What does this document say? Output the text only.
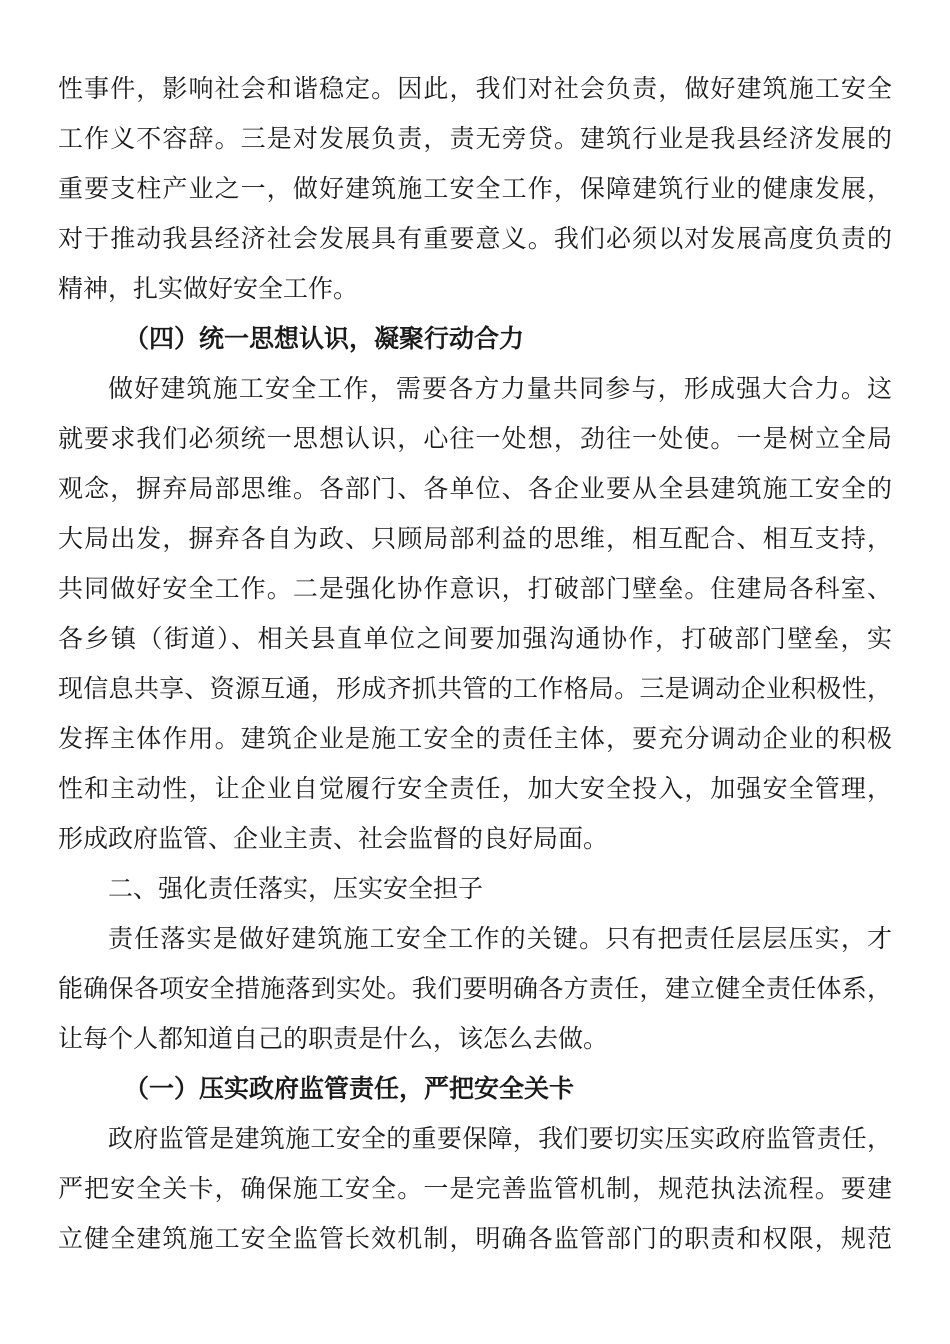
性事件，影响社会和谐稳定。因此，我们对社会负责，做好建筑施工安全
工作义不容辞。三是对发展负责，责无旁贷。建筑行业是我县经济发展的
重要支柱产业之一，做好建筑施工安全工作，保障建筑行业的健康发展，
对于推动我县经济社会发展具有重要意义。我们必须以对发展高度负责的
精神，扎实做好安全工作。
（四）统一思想认识，凝聚行动合力
做好建筑施工安全工作，需要各方力量共同参与，形成强大合力。这
就要求我们必须统一思想认识，心往一处想，劲往一处使。一是树立全局
观念，摒弃局部思维。各部门、各单位、各企业要从全县建筑施工安全的
大局出发，摒弃各自为政、只顾局部利益的思维，相互配合、相互支持，
共同做好安全工作。二是强化协作意识，打破部门壁垒。住建局各科室、
各乡镇（街道）、相关县直单位之间要加强沟通协作，打破部门壁垒，实
现信息共享、资源互通，形成齐抓共管的工作格局。三是调动企业积极性，
发挥主体作用。建筑企业是施工安全的责任主体，要充分调动企业的积极
性和主动性，让企业自觉履行安全责任，加大安全投入，加强安全管理，
形成政府监管、企业主责、社会监督的良好局面。
二、强化责任落实，压实安全担子
责任落实是做好建筑施工安全工作的关键。只有把责任层层压实，才
能确保各项安全措施落到实处。我们要明确各方责任，建立健全责任体系，
让每个人都知道自己的职责是什么，该怎么去做。
（一）压实政府监管责任，严把安全关卡
政府监管是建筑施工安全的重要保障，我们要切实压实政府监管责任，
严把安全关卡，确保施工安全。一是完善监管机制，规范执法流程。要建
立健全建筑施工安全监管长效机制，明确各监管部门的职责和权限，规范
